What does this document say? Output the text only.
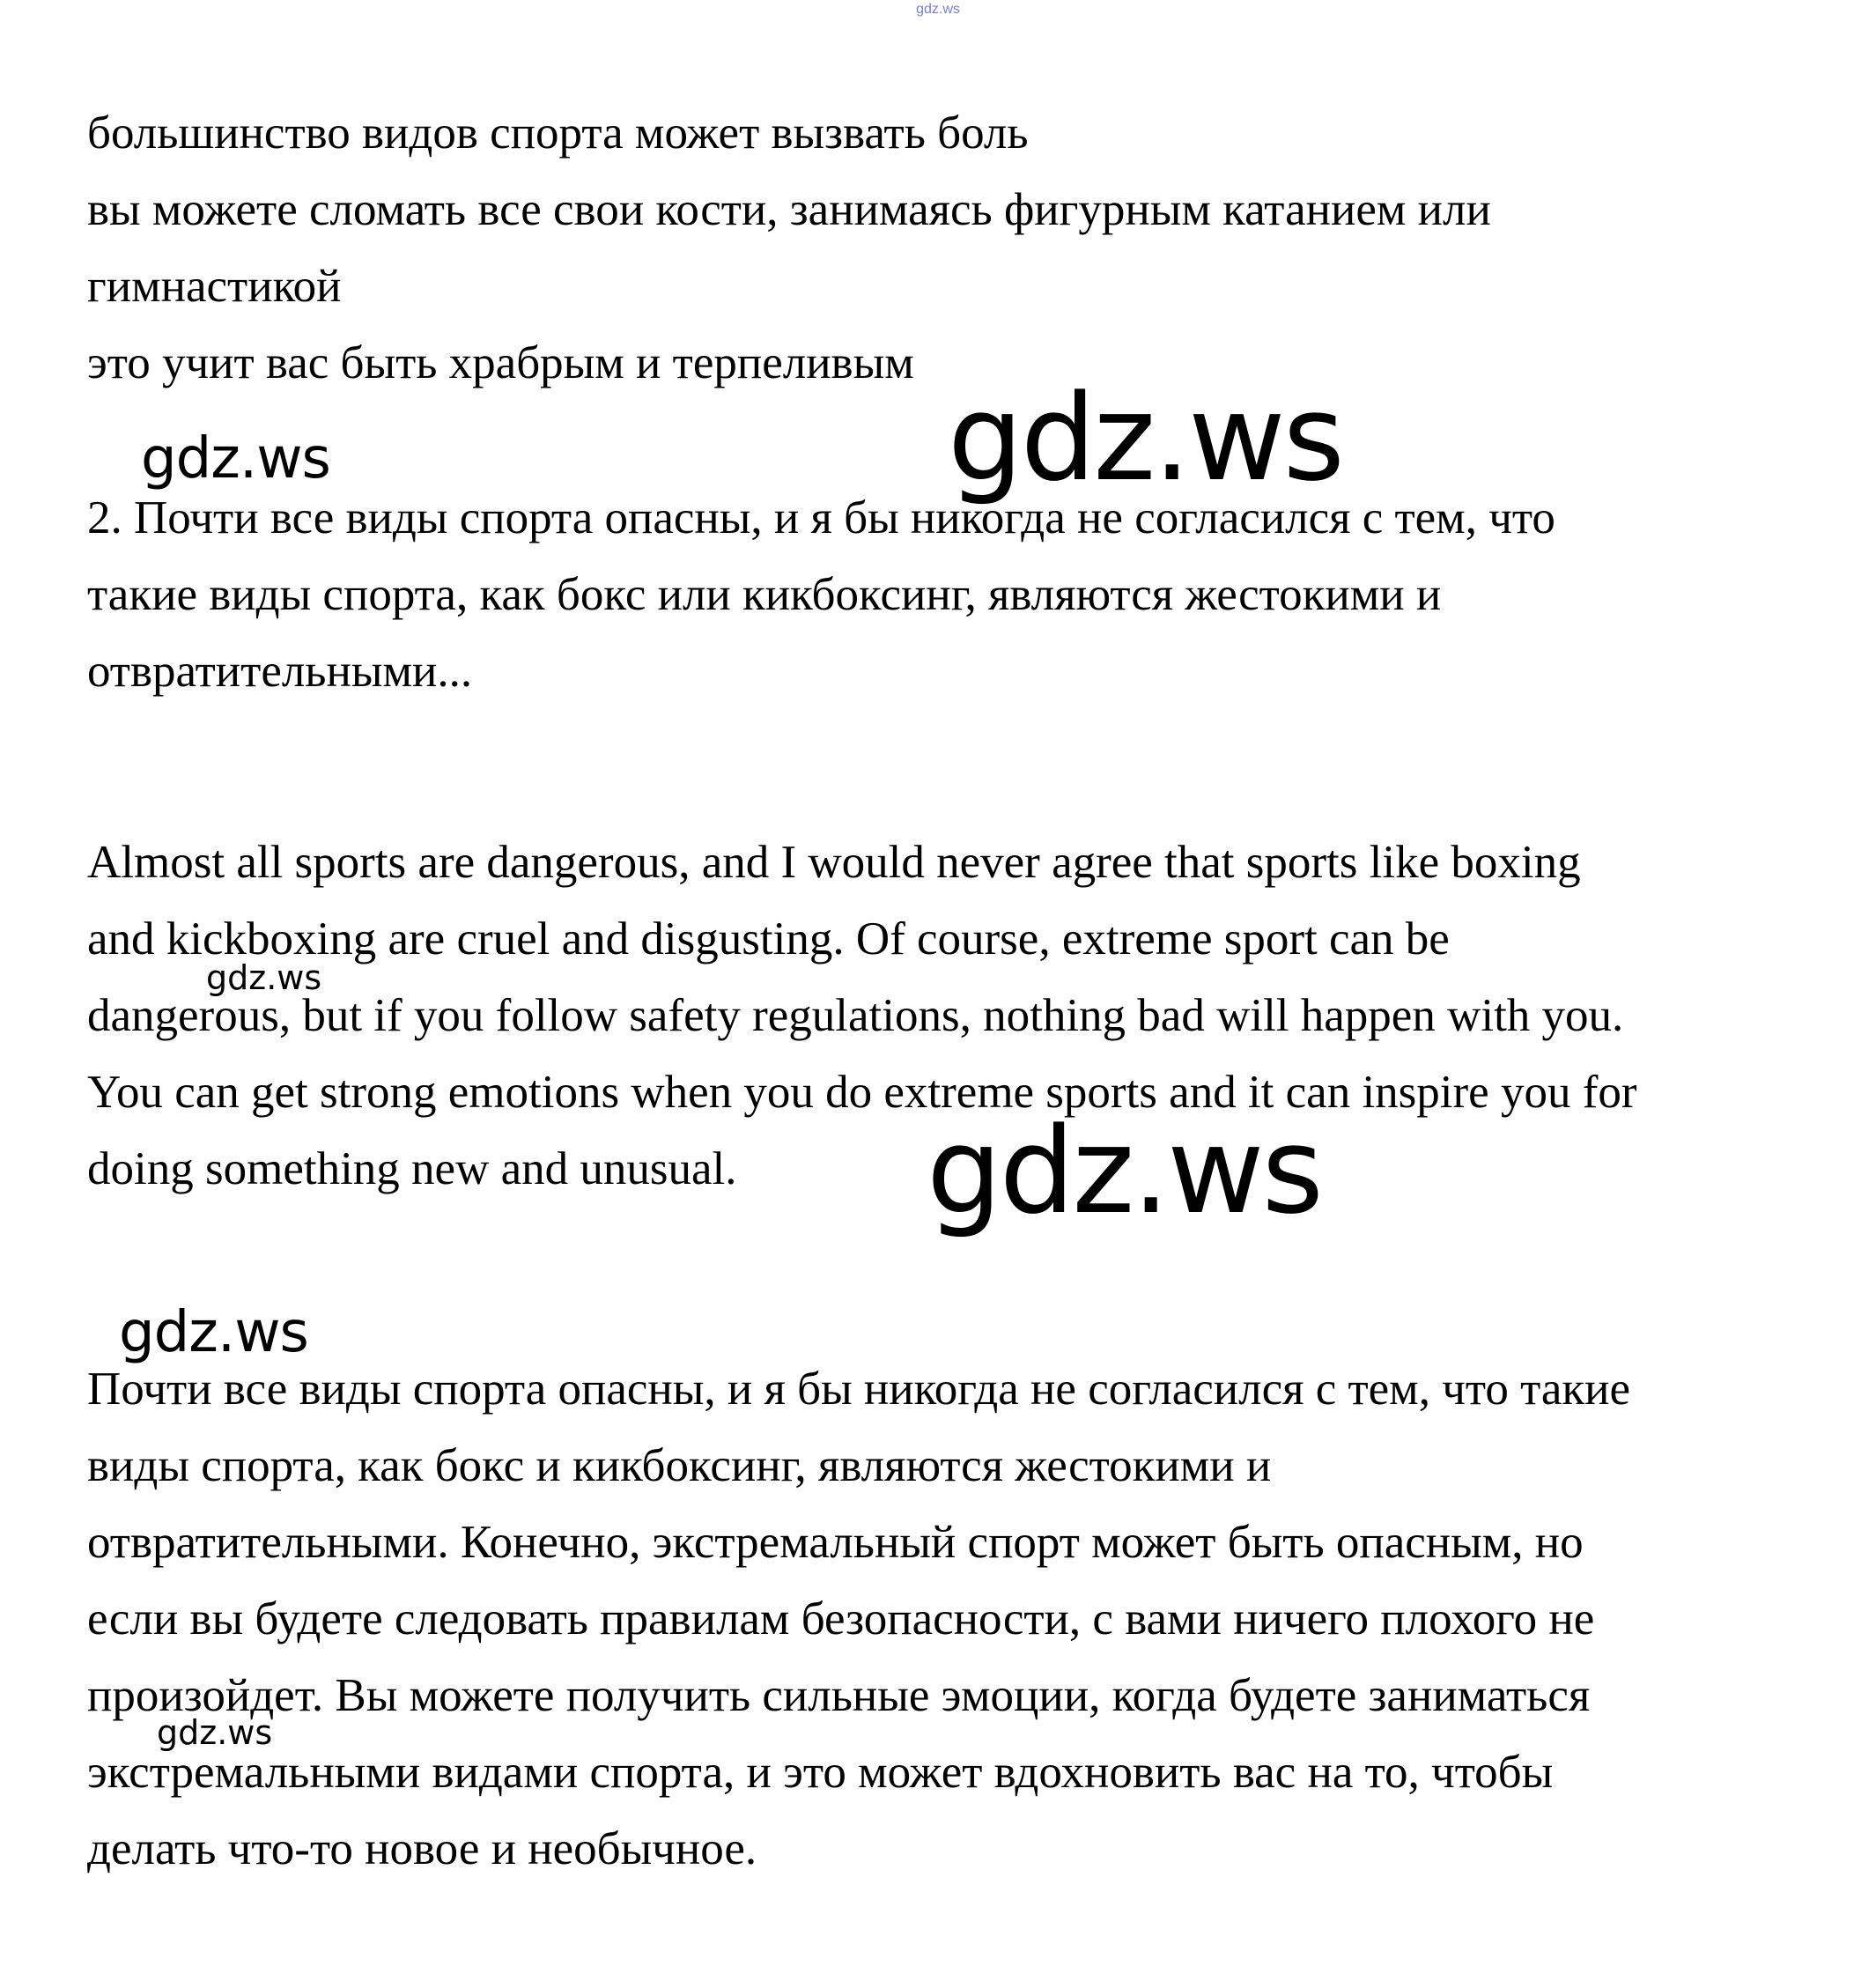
gdz.ws
большинство видов спорта может вызвать боль
вы можете сломать все свои кости, занимаясь фигурным катанием или
гимнастикой
это учит вас быть храбрым и терпеливым
2. Почти все виды спорта опасны, и я бы никогда не согласился с тем, что
такие виды спорта, как бокс или кикбоксинг, являются жестокими и
отвратительными...
Almost all sports are dangerous, and I would never agree that sports like boxing
and kickboxing are cruel and disgusting. Of course, extreme sport can be
dangerous, but if you follow safety regulations, nothing bad will happen with you.
You can get strong emotions when you do extreme sports and it can inspire you for
doing something new and unusual.
Почти все виды спорта опасны, и я бы никогда не согласился с тем, что такие
виды спорта, как бокс и кикбоксинг, являются жестокими и
отвратительными. Конечно, экстремальный спорт может быть опасным, но
если вы будете следовать правилам безопасности, с вами ничего плохого не
произойдет. Вы можете получить сильные эмоции, когда будете заниматься
экстремальными видами спорта, и это может вдохновить вас на то, чтобы
делать что-то новое и необычное.
gdz.ws
gdz.ws
gdz.ws
gdz.ws
gdz.ws
gdz.ws
